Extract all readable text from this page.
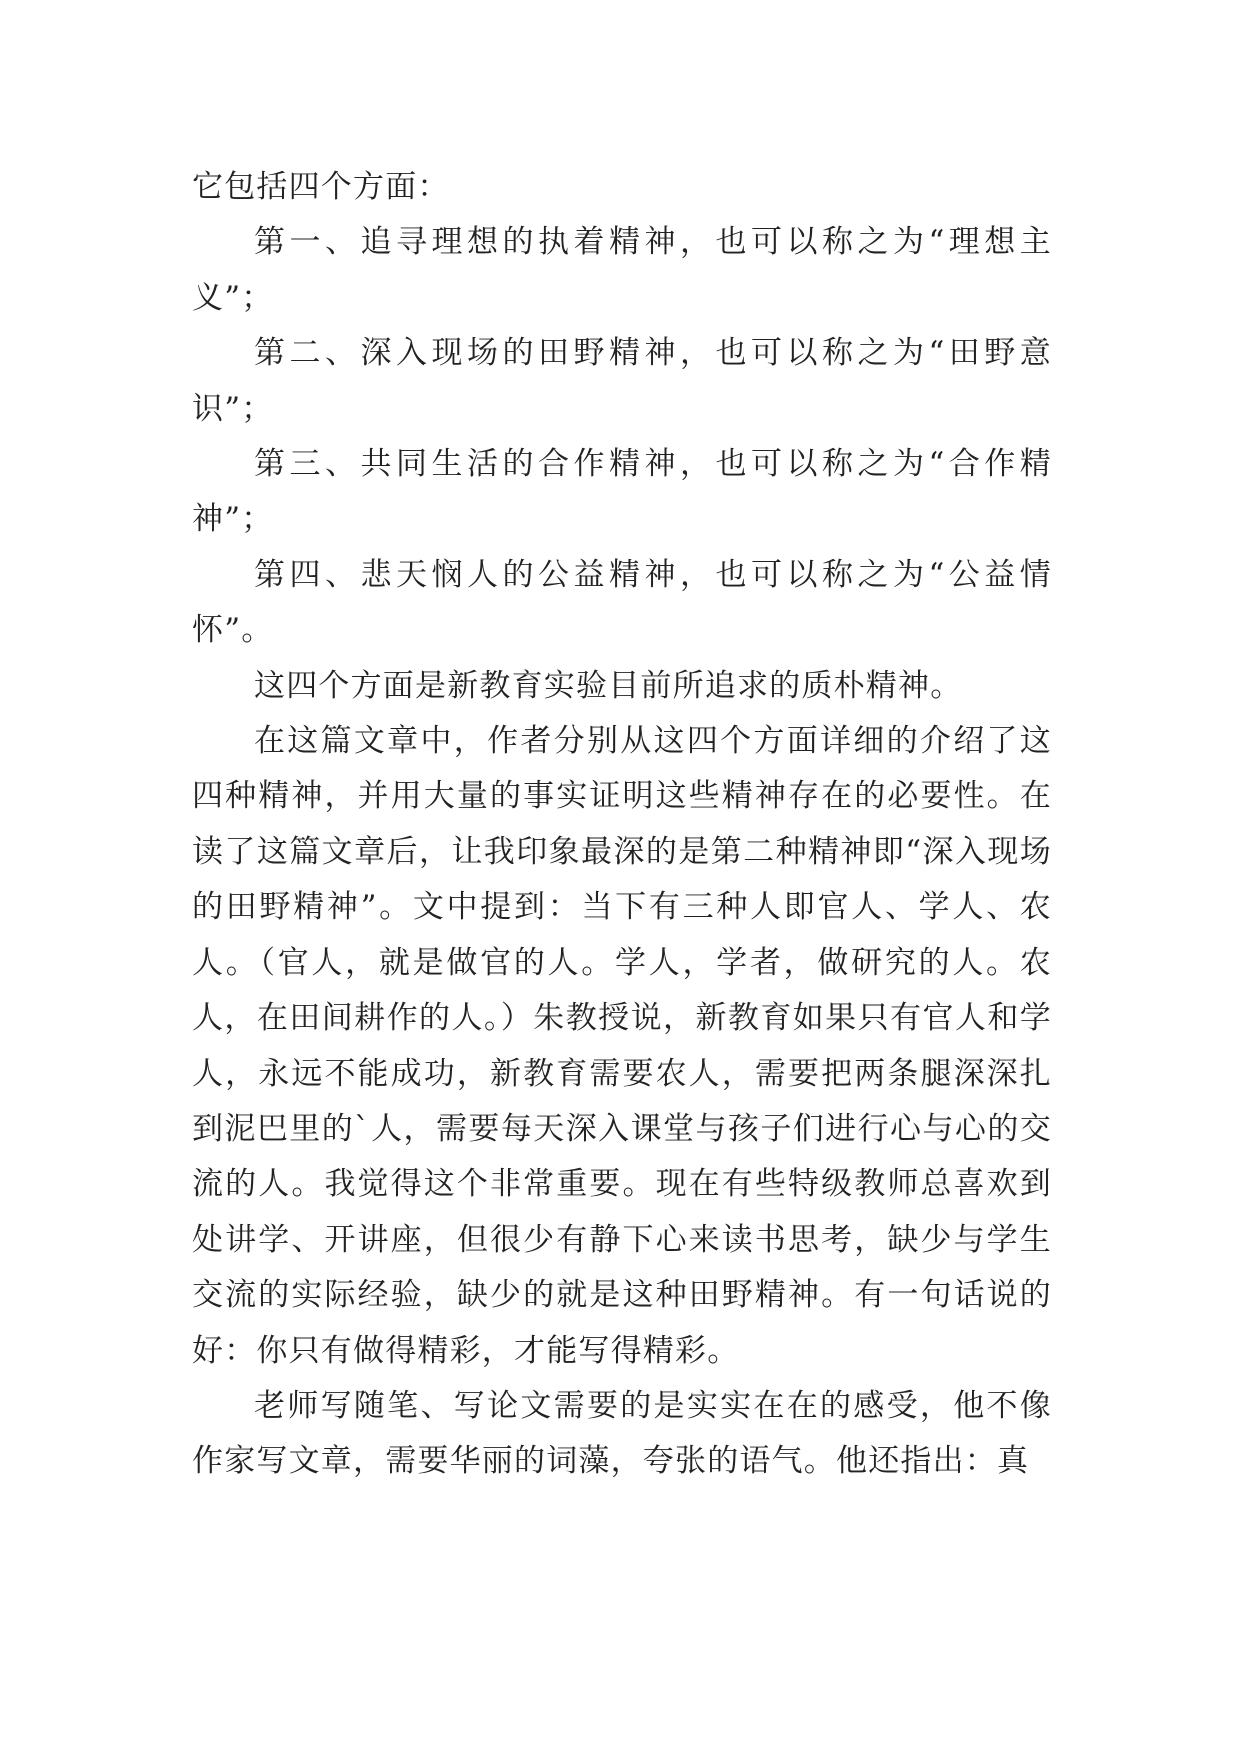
它包括四个方面：

第一、追寻理想的执着精神，也可以称之为“理想主义”；

第二、深入现场的田野精神，也可以称之为“田野意识”；

第三、共同生活的合作精神，也可以称之为“合作精神”；

第四、悲天悯人的公益精神，也可以称之为“公益情怀”。

这四个方面是新教育实验目前所追求的质朴精神。

在这篇文章中，作者分别从这四个方面详细的介绍了这四种精神，并用大量的事实证明这些精神存在的必要性。在读了这篇文章后，让我印象最深的是第二种精神即“深入现场的田野精神”。文中提到：当下有三种人即官人、学人、农人。（官人，就是做官的人。学人，学者，做研究的人。农人，在田间耕作的人。）朱教授说，新教育如果只有官人和学人，永远不能成功，新教育需要农人，需要把两条腿深深扎到泥巴里的`人，需要每天深入课堂与孩子们进行心与心的交流的人。我觉得这个非常重要。现在有些特级教师总喜欢到处讲学、开讲座，但很少有静下心来读书思考，缺少与学生交流的实际经验，缺少的就是这种田野精神。有一句话说的好：你只有做得精彩，才能写得精彩。

老师写随笔、写论文需要的是实实在在的感受，他不像作家写文章，需要华丽的词藻，夸张的语气。他还指出：真
